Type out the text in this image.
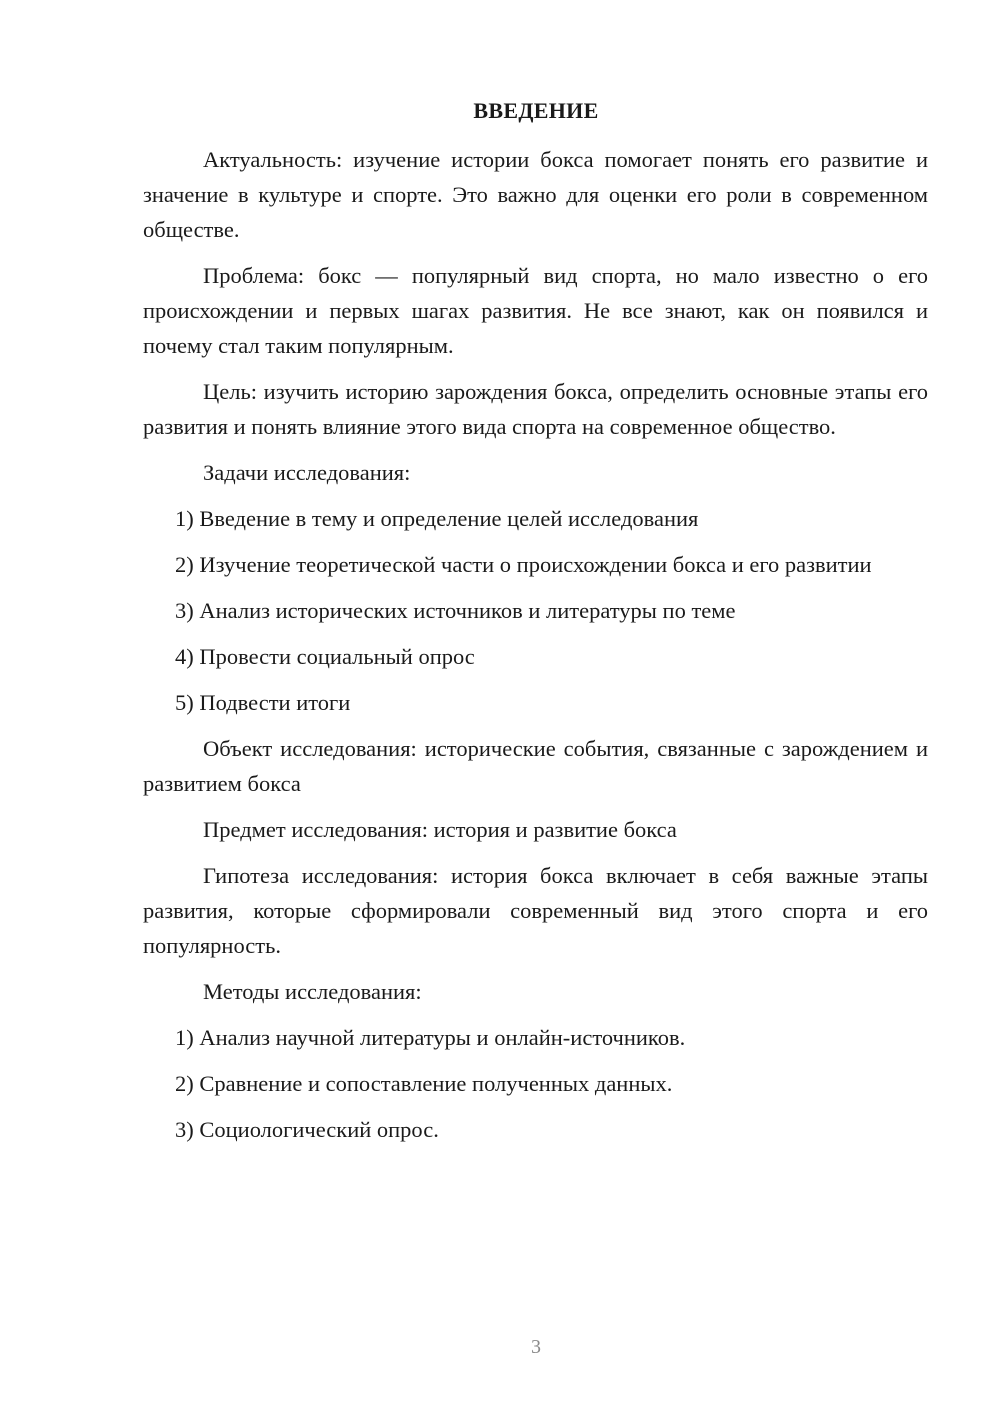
ВВЕДЕНИЕ

Актуальность: изучение истории бокса помогает понять его развитие и значение в культуре и спорте. Это важно для оценки его роли в современном обществе.

Проблема: бокс — популярный вид спорта, но мало известно о его происхождении и первых шагах развития. Не все знают, как он появился и почему стал таким популярным.

Цель: изучить историю зарождения бокса, определить основные этапы его развития и понять влияние этого вида спорта на современное общество.

Задачи исследования:

1) Введение в тему и определение целей исследования

2) Изучение теоретической части о происхождении бокса и его развитии

3) Анализ исторических источников и литературы по теме

4) Провести социальный опрос

5) Подвести итоги

Объект исследования: исторические события, связанные с зарождением и развитием бокса

Предмет исследования: история и развитие бокса

Гипотеза исследования: история бокса включает в себя важные этапы развития, которые сформировали современный вид этого спорта и его популярность.

Методы исследования:

1) Анализ научной литературы и онлайн-источников.

2) Сравнение и сопоставление полученных данных.

3) Социологический опрос.

3
